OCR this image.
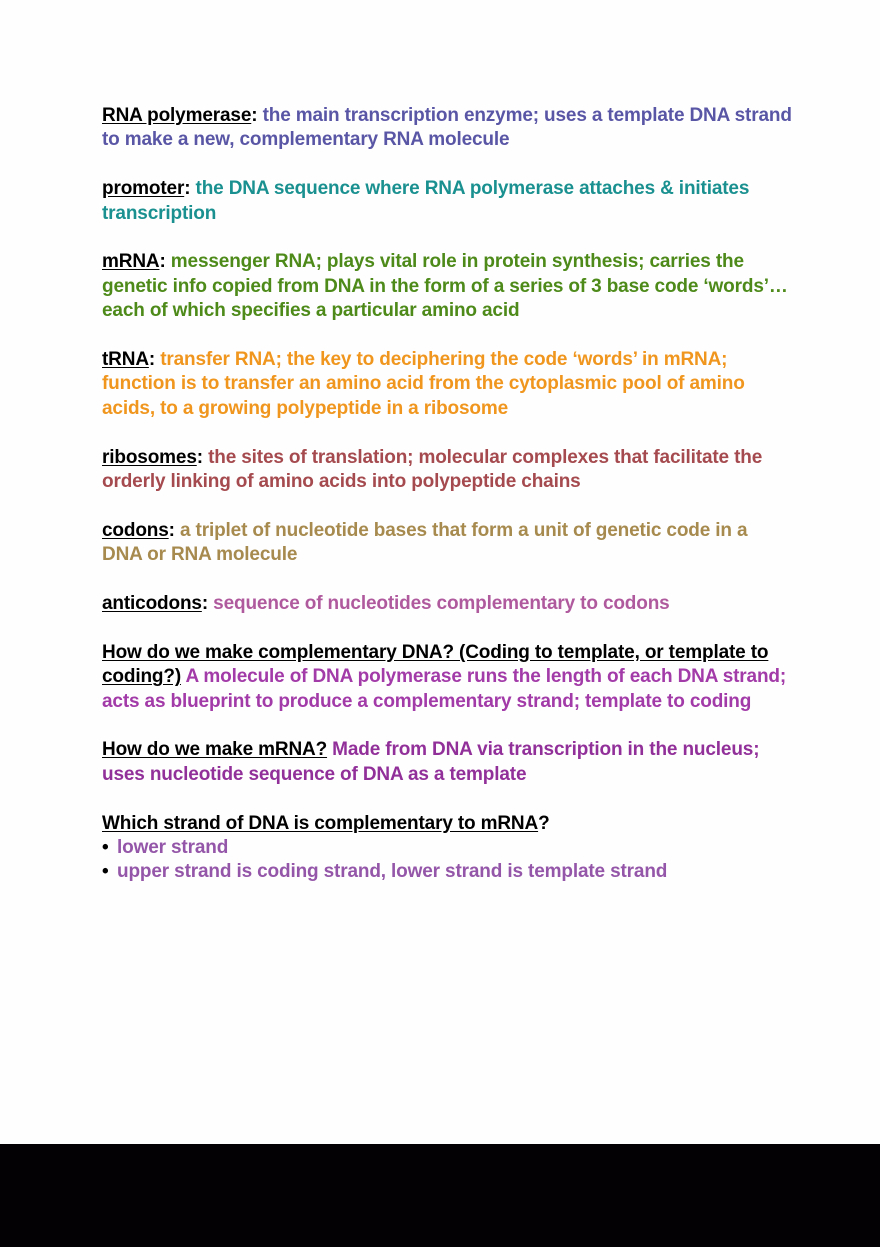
RNA polymerase: the main transcription enzyme; uses a template DNA strand to make a new, complementary RNA molecule
promoter: the DNA sequence where RNA polymerase attaches & initiates transcription
mRNA: messenger RNA; plays vital role in protein synthesis; carries the genetic info copied from DNA in the form of a series of 3 base code ‘words’… each of which specifies a particular amino acid
tRNA: transfer RNA; the key to deciphering the code ‘words’ in mRNA; function is to transfer an amino acid from the cytoplasmic pool of amino acids, to a growing polypeptide in a ribosome
ribosomes: the sites of translation; molecular complexes that facilitate the orderly linking of amino acids into polypeptide chains
codons: a triplet of nucleotide bases that form a unit of genetic code in a DNA or RNA molecule
anticodons: sequence of nucleotides complementary to codons
How do we make complementary DNA? (Coding to template, or template to coding?) A molecule of DNA polymerase runs the length of each DNA strand; acts as blueprint to produce a complementary strand; template to coding
How do we make mRNA? Made from DNA via transcription in the nucleus; uses nucleotide sequence of DNA as a template
Which strand of DNA is complementary to mRNA?
• lower strand
• upper strand is coding strand, lower strand is template strand
